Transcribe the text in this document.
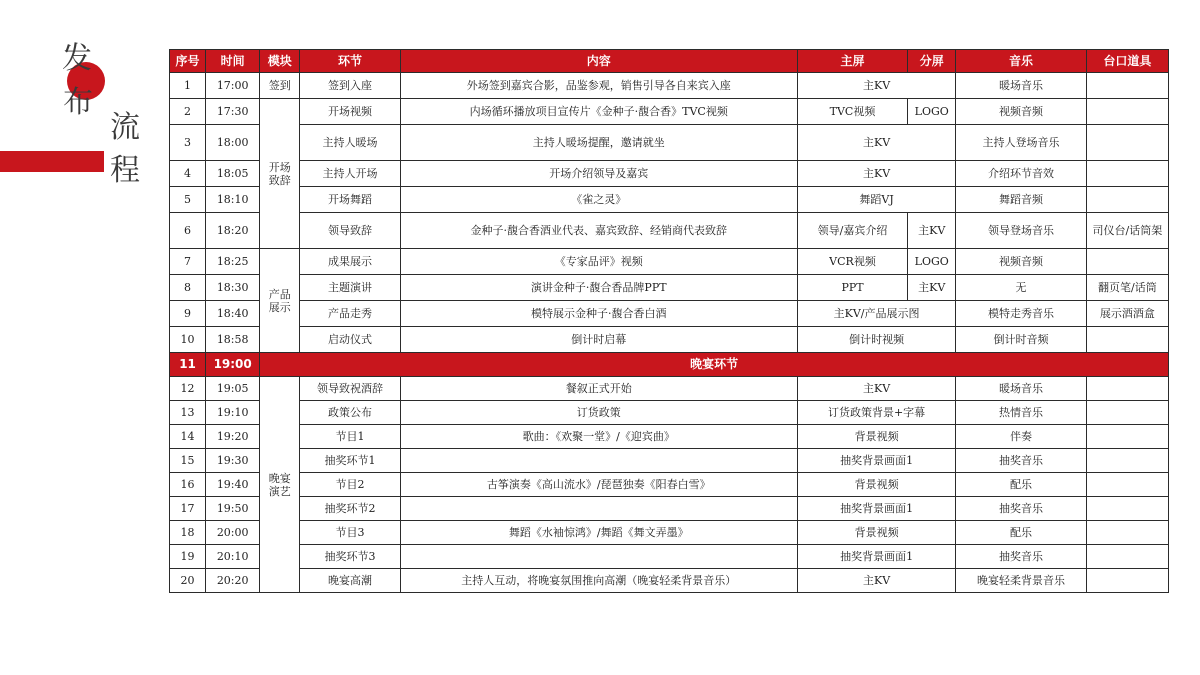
发
布
流
程
序号	时间	模块	环节	内容	主屏	分屏	音乐	台口道具
1	17:00	签到	签到入座	外场签到嘉宾合影，品鉴参观，销售引导各自来宾入座	主KV		暖场音乐	
2	17:30	开场致辞	开场视频	内场循环播放项目宣传片《金种子·馥合香》TVC视频	TVC视频	LOGO	视频音频	
3	18:00		主持人暖场	主持人暖场提醒，邀请就坐	主KV		主持人登场音乐	
4	18:05		主持人开场	开场介绍领导及嘉宾	主KV		介绍环节音效	
5	18:10		开场舞蹈	《雀之灵》	舞蹈VJ		舞蹈音频	
6	18:20		领导致辞	金种子·馥合香酒业代表、嘉宾致辞、经销商代表致辞	领导/嘉宾介绍	主KV	领导登场音乐	司仪台/话筒架
7	18:25	产品展示	成果展示	《专家品评》视频	VCR视频	LOGO	视频音频	
8	18:30		主题演讲	演讲金种子·馥合香品牌PPT	PPT	主KV	无	翻页笔/话筒
9	18:40		产品走秀	模特展示金种子·馥合香白酒	主KV/产品展示图		模特走秀音乐	展示酒酒盒
10	18:58		启动仪式	倒计时启幕	倒计时视频		倒计时音频	
11	19:00	晚宴环节						
12	19:05	晚宴演艺	领导致祝酒辞	餐叙正式开始	主KV		暖场音乐	
13	19:10		政策公布	订货政策	订货政策背景+字幕		热情音乐	
14	19:20		节目1	歌曲：《欢聚一堂》/《迎宾曲》	背景视频		伴奏	
15	19:30		抽奖环节1		抽奖背景画面1		抽奖音乐	
16	19:40		节目2	古筝演奏《高山流水》/琵琶独奏《阳春白雪》	背景视频		配乐	
17	19:50		抽奖环节2		抽奖背景画面1		抽奖音乐	
18	20:00		节目3	舞蹈《水袖惊鸿》/舞蹈《舞文弄墨》	背景视频		配乐	
19	20:10		抽奖环节3		抽奖背景画面1		抽奖音乐	
20	20:20		晚宴高潮	主持人互动，将晚宴氛围推向高潮（晚宴轻柔背景音乐）	主KV		晚宴轻柔背景音乐	
